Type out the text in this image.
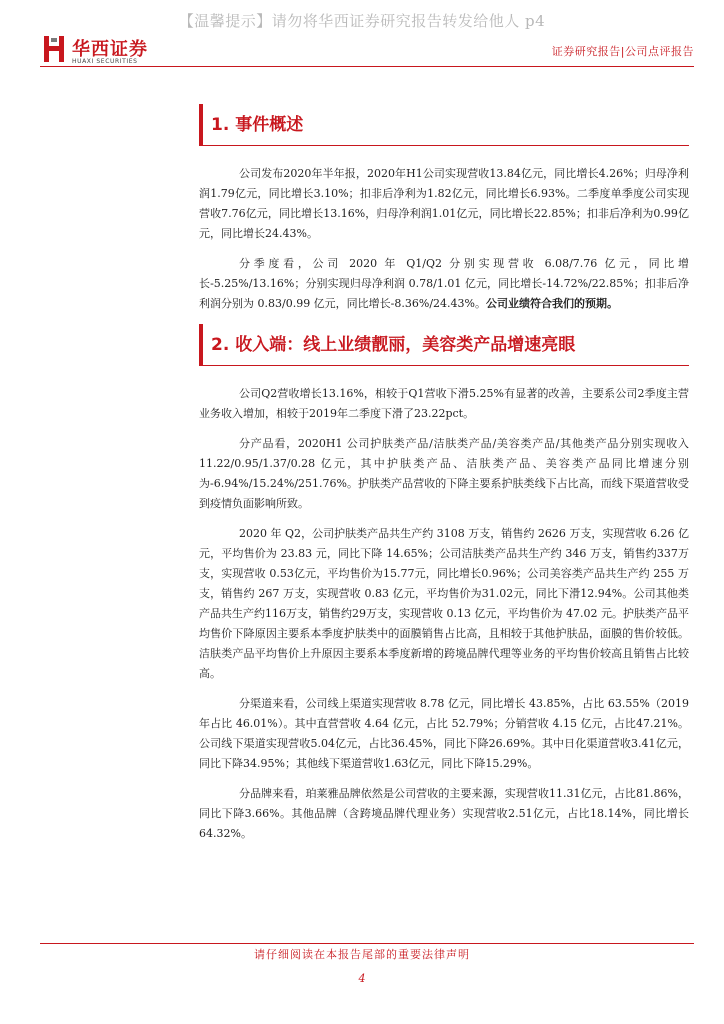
【温馨提示】请勿将华西证券研究报告转发给他人 p4
华西证券
HUAXI SECURITIES
证券研究报告|公司点评报告
1. 事件概述

公司发布2020年半年报，2020年H1公司实现营收13.84亿元，同比增长4.26%；归母净利润1.79亿元，同比增长3.10%；扣非后净利为1.82亿元，同比增长6.93%。二季度单季度公司实现营收7.76亿元，同比增长13.16%，归母净利润1.01亿元，同比增长22.85%；扣非后净利为0.99亿元，同比增长24.43%。

分季度看，公司 2020 年 Q1/Q2 分别实现营收 6.08/7.76 亿元，同比增长-5.25%/13.16%；分别实现归母净利润 0.78/1.01 亿元，同比增长-14.72%/22.85%；扣非后净利润分别为 0.83/0.99 亿元，同比增长-8.36%/24.43%。公司业绩符合我们的预期。

2. 收入端：线上业绩靓丽，美容类产品增速亮眼

公司Q2营收增长13.16%，相较于Q1营收下滑5.25%有显著的改善，主要系公司2季度主营业务收入增加，相较于2019年二季度下滑了23.22pct。

分产品看，2020H1 公司护肤类产品/洁肤类产品/美容类产品/其他类产品分别实现收入 11.22/0.95/1.37/0.28 亿元，其中护肤类产品、洁肤类产品、美容类产品同比增速分别为-6.94%/15.24%/251.76%。护肤类产品营收的下降主要系护肤类线下占比高，而线下渠道营收受到疫情负面影响所致。

2020 年 Q2，公司护肤类产品共生产约 3108 万支，销售约 2626 万支，实现营收 6.26 亿元，平均售价为 23.83 元，同比下降 14.65%；公司洁肤类产品共生产约 346 万支，销售约337万支，实现营收 0.53亿元，平均售价为15.77元，同比增长0.96%；公司美容类产品共生产约 255 万支，销售约 267 万支，实现营收 0.83 亿元，平均售价为31.02元，同比下滑12.94%。公司其他类产品共生产约116万支，销售约29万支，实现营收 0.13 亿元，平均售价为 47.02 元。护肤类产品平均售价下降原因主要系本季度护肤类中的面膜销售占比高，且相较于其他护肤品，面膜的售价较低。洁肤类产品平均售价上升原因主要系本季度新增的跨境品牌代理等业务的平均售价较高且销售占比较高。

分渠道来看，公司线上渠道实现营收 8.78 亿元，同比增长 43.85%，占比 63.55%（2019 年占比 46.01%）。其中直营营收 4.64 亿元，占比 52.79%；分销营收 4.15 亿元，占比47.21%。公司线下渠道实现营收5.04亿元，占比36.45%，同比下降26.69%。其中日化渠道营收3.41亿元，同比下降34.95%；其他线下渠道营收1.63亿元，同比下降15.29%。

分品牌来看，珀莱雅品牌依然是公司营收的主要来源，实现营收11.31亿元，占比81.86%，同比下降3.66%。其他品牌（含跨境品牌代理业务）实现营收2.51亿元，占比18.14%，同比增长64.32%。

请仔细阅读在本报告尾部的重要法律声明
4
